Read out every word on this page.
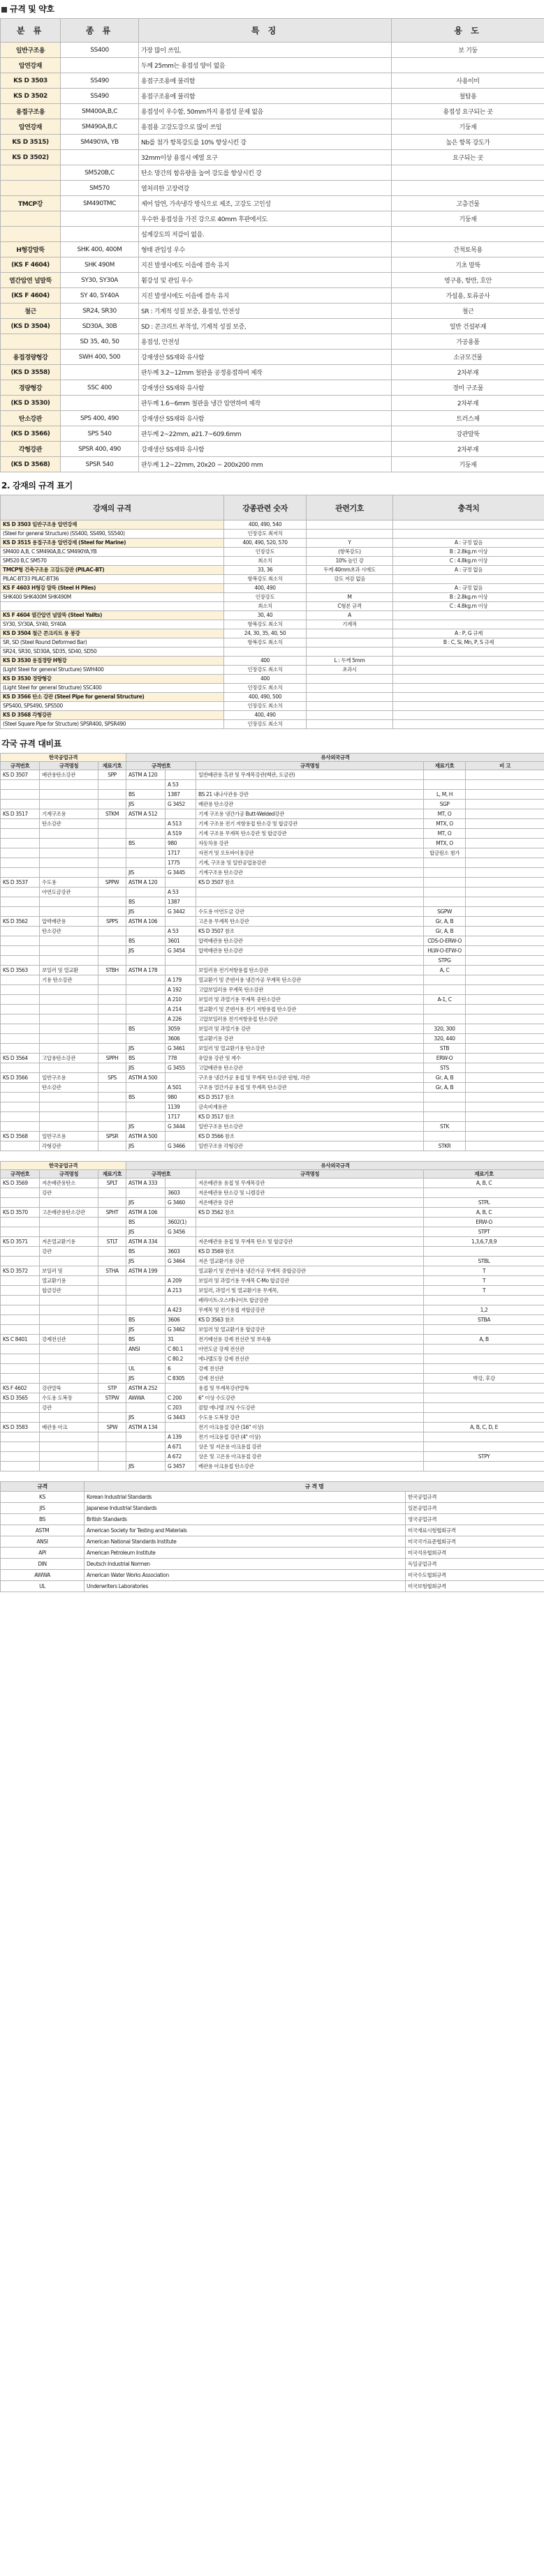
규격 및 약호
분 류	종 류	특 징	용 도
일반구조용	SS400	가장 많이 쓰임,	보 기둥
압연강재		두께 25mm는 용접성 양이 없음	
KS D 3503	SS490	용접구조용에 불리함	사용이미
KS D 3502	SS490	용접구조용에 불리함	철탑용
용접구조용	SM400A,B,C	용접성이 우수함, 50mm까지 용접성 문제 없음	용접성 요구되는 곳
압연강재	SM490A,B,C	용접용 고강도강으로 많이 쓰임	기둥재
KS D 3515)	SM490YA, YB	Nb를 첨가 항복강도를 10% 향상시킨 강	높은 항복 강도가
KS D 3502)		32mm이상 용접시 예열 요구	요구되는 곳
	SM520B,C	탄소 망간의 함유량을 높여 강도를 향상시킨 강	
	SM570	열처리한 고장력강	
TMCP강	SM490TMC	제어 압연, 가속냉각 방식으로 제조, 고강도 고인성	고층건물
		우수한 용접성을 가진 강으로 40mm 후판에서도	기둥재
		설계강도의 저감이 없음.	
H형강말뚝	SHK 400, 400M	형태 관입성 우수	간척토목용
(KS F 4604)	SHK 490M	지진 발생시에도 이음에 결속 유지	기초 말뚝
열간압연 널말뚝	SY30, SY30A	휨강성 및 관입 우수	영구용, 항만, 호안
(KS F 4604)	SY 40, SY40A	지진 발생시에도 이음에 결속 유지	가설용, 토류공사
철근	SR24, SR30	SR : 기계적 성질 보증, 용접성, 안전성	철근
(KS D 3504)	SD30A, 30B	SD : 콘크리트 부착성, 기계적 성질 보증,	일반 건설부재
	SD 35, 40, 50	용접성, 안전성	가공용품
용접경량형강	SWH 400, 500	강재생산 SS재와 유사함	소규모건물
(KS D 3558)		판두께 3.2~12mm 철판을 공정용접하여 제작	2차부재
경량형강	SSC 400	강재생산 SS재와 유사함	경미 구조물
(KS D 3530)		판두께 1.6~6mm 철판을 냉간 압연하여 제작	2차부재
탄소강관	SPS 400, 490	강재생산 SS재와 유사함	트러스재
(KS D 3566)	SPS 540	판두께 2~22mm, ø21.7~609.6mm	강관말뚝
각형강관	SPSR 400, 490	강재생산 SS재와 유사함	2차부재
(KS D 3568)	SPSR 540	판두께 1.2~22mm, 20x20 ~ 200x200 mm	기둥재
2. 강재의 규격 표기
강재의 규격	강종관련 숫자	관련기호	충격치
KS D 3503 일반구조용 압연강재	400, 490, 540		
(Steel for general Structure) (SS400, SS490, SS540)	인장강도 최저치		
KS D 3515 용접구조용 압연강재 (Steel for Marine)	400, 490, 520, 570	Y	A : 규정 없음
SM400 A,B, C SM490A,B,C SM490YA,YB	인장강도	(항복강도)	B : 2.8kg.m 이상
SM520 B,C SM570	최소치	10% 높인 강	C : 4.8kg.m 이상
TMCP형 건축구조용 고강도강관 (PILAC-BT)	33, 36	두께 40mm초과 시에도	A : 규정 없음
PILAC-BT33 PILAC-BT36	항복강도 최소치	강도 저감 없음	
KS F 4603 H형강 말뚝 (Steel H Piles)	400, 490		A : 규정 없음
SHK400 SHK400M SHK490M	인장강도	M	B : 2.8kg.m 이상
	최소치	C형본 규격	C : 4.8kg.m 이상
KS F 4604 열간압연 널말뚝 (Steel Yailts)	30, 40	A	
SY30, SY30A, SY40, SY40A	항복강도 최소치	기계적	
KS D 3504 철근 콘크리트 용 봉강	24, 30, 35, 40, 50		A : P, G 규제
SR, SD (Steel Round Deformed Bar)	항복강도 최소치		B : C, Si, Mn, P, S 규제
SR24, SR30, SD30A, SD35, SD40, SD50			
KS D 3530 용접경량 H형강	400	L : 두께 5mm	
(Light Steel for general Structure) SWH400	인장강도 최소치	초과시	
KS D 3530 경량형강	400		
(Light Steel for general Structure) SSC400	인장강도 최소치		
KS D 3566 탄소 강관 (Steel Pipe for general Structure)	400, 490, 500		
SPS400, SPS490, SPS500	인장강도 최소치		
KS D 3568 각형강관	400, 490		
(Steel Square Pipe for Structure) SPSR400, SPSR490	인장강도 최소치		
각국 규격 대비표
한국공업규격			유사외국규격				
규격번호	규격명칭	재료기호	규격번호		규격명칭	재료기호	비 고
KS D 3507	배관용탄소강관	SPP	ASTM A 120		일반배관용 흑관 및 무계목강관(백관, 도금관)		
				A 53			
			BS	1387	BS 21 내나사관용 강관	L, M, H	
			JIS	G 3452	배관용 탄소강관	SGP	
KS D 3517	기계구조용	STKM	ASTM A 512		기계 구조용 냉간가공 Butt-Welded강관	MT, O	
	탄소강관			A 513	기계 구조용 전기 저항용접 탄소강 및 합금강관	MTX, O	
				A 519	기계 구조용 무계목 탄소강관 및 합금강관	MT, O	
			BS	980	자동차용 강관	MTX, O	
				1717	자전거 및 오토바이용강관	합금원소 첨가	
				1775	기계, 구조용 및 일반공업용강관		
			JIS	G 3445	기계구조용 탄소강관		
KS D 3537	수도용	SPPW	ASTM A 120		KS D 3507 참조		
	아연도금강관			A 53			
			BS	1387			
			JIS	G 3442	수도용 아연도금 강관	SGPW	
KS D 3562	압력배관용	SPPS	ASTM A 106		고온용 무계목 탄소강관	Gr, A, B	
	탄소강관			A 53	KS D 3507 참조	Gr, A, B	
			BS	3601	압력배관용 탄소강관	CDS-O-ERW-O	
			JIS	G 3454	압력배관용 탄소강관	HLW-O-EFW-O	
						STPG	
KS D 3563	보일러 및 열교환	STBH	ASTM A 178		보일러용 전기저항용접 탄소강관	A, C	
	기용 탄소강관			A 179	열교환기 및 콘덴서용 냉간가공 무계목 탄소강관		
				A 192	고압보일러용 무계목 탄소강관		
				A 210	보일러 및 과열기용 무계목 중탄소강관	A-1, C	
				A 214	열교환기 및 콘덴서용 전기 저항용접 탄소강관		
				A 226	고압보일러용 전기저항용접 탄소강관		
			BS	3059	보일러 및 과열기용 강관	320, 300	
				3606	열교환기용 강관	320, 440	
			JIS	G 3461	보일러 및 열교환기용 탄소강관	STB	
KS D 3564	고압용탄소강관	SPPH	BS	778	유압용 강관 및 계수	ERW-O	
			JIS	G 3455	고압배관용 탄소강관	STS	
KS D 3566	일반구조용	SPS	ASTM A 500		구조용 냉간가공 용접 및 무계목 탄소강관 원형, 각관	Gr, A, B	
	탄소강관			A 501	구조용 열간가공 용접 및 무계목 탄소강관	Gr, A, B	
			BS	980	KS D 3517 참조		
				1139	금속비계용관		
				1717	KS D 3517 참조		
			JIS	G 3444	일반구조용 탄소강관	STK	
KS D 3568	일반구조용	SPSR	ASTM A 500		KS D 3566 참조		
	각형강관		JIS	G 3466	일반구조용 각형강관	STKR	
한국공업규격			유사외국규격			
규격번호	규격명칭	재료기호	규격번호		규격명칭	재료기호
KS D 3569	저온배관용탄소	SPLT	ASTM A 333		저온배관용 용접 및 무계목강관	A, B, C
	강관			3603	저온배관용 탄소강 및 니켈강관	
			JIS	G 3460	저온배관용 강관	STPL
KS D 3570	고온배관용탄소강관	SPHT	ASTM A 106		KS D 3562 참조	A, B, C
			BS	3602(1)		ERW-O
			JIS	G 3456		STPT
KS D 3571	저온열교환기용	STLT	ASTM A 334		저온배관용 용접 및 무계목 탄소 및 합금강관	1,3,6,7,8,9
	강관		BS	3603	KS D 3569 참조	
			JIS	G 3464	저온 열교환기용 강관	STBL
KS D 3572	보일러 및	STHA	ASTM A 199		열교환기 및 콘덴서용 냉간가공 무계목 중합금강관	T
	열교환기용			A 209	보일러 및 과열기용 무계목 C-Mo 합금강관	T
	합금강관			A 213	보일러, 과열기 및 열교환기용 무계목,	T
					페라이트-오스테나이트 합금강관	
				A 423	무계목 및 전기용접 저합금강관	1,2
			BS	3606	KS D 3563 참조	STBA
			JIS	G 3462	보일러 및 열교환기용 합금강관	
KS C 8401	강제전선관		BS	31	전기배선용 강제 전선관 및 부속품	A, B
			ANSI	C 80.1	아연도금 강제 전선관	
				C 80.2	에나멜도장 강제 전선관	
			UL	6	강제 전선관	
			JIS	C 8305	강제 전선관	박강, 후강
KS F 4602	강관말뚝	STP	ASTM A 252		용접 및 무계목강관말뚝	
KS D 3565	수도용 도복장	STPW	AWWA	C 200	6" 이상 수도강관	
	강관			C 203	콜탈 에나멜 코팅 수도강관	
			JIS	G 3443	수도용 도복장 강관	
KS D 3583	배관용 아크	SPW	ASTM A 134		전기 아크용접 강관 (16" 이상)	A, B, C, D, E
				A 139	전기 아크용접 강관 (4" 이상)	
				A 671	상온 및 저온용 아크용접 강관	
				A 672	상온 및 고온용 아크용접 강관	STPY
			JIS	G 3457	배관용 아크용접 탄소강관	
규격	규 격 명	
KS	Korean Industrial Standards	한국공업규격
JIS	Japanese Industrial Standards	일본공업규격
BS	British Standards	영국공업규격
ASTM	American Society for Testing and Materials	미국재료시험협회규격
ANSI	American National Standards Institute	미국국가표준협회규격
API	American Petroleum Institute	미국석유협회규격
DIN	Deutsch Industrial Normen	독일공업규격
AWWA	American Water Works Association	미국수도협회규격
UL	Underwriters Laboratories	미국보험협회규격
